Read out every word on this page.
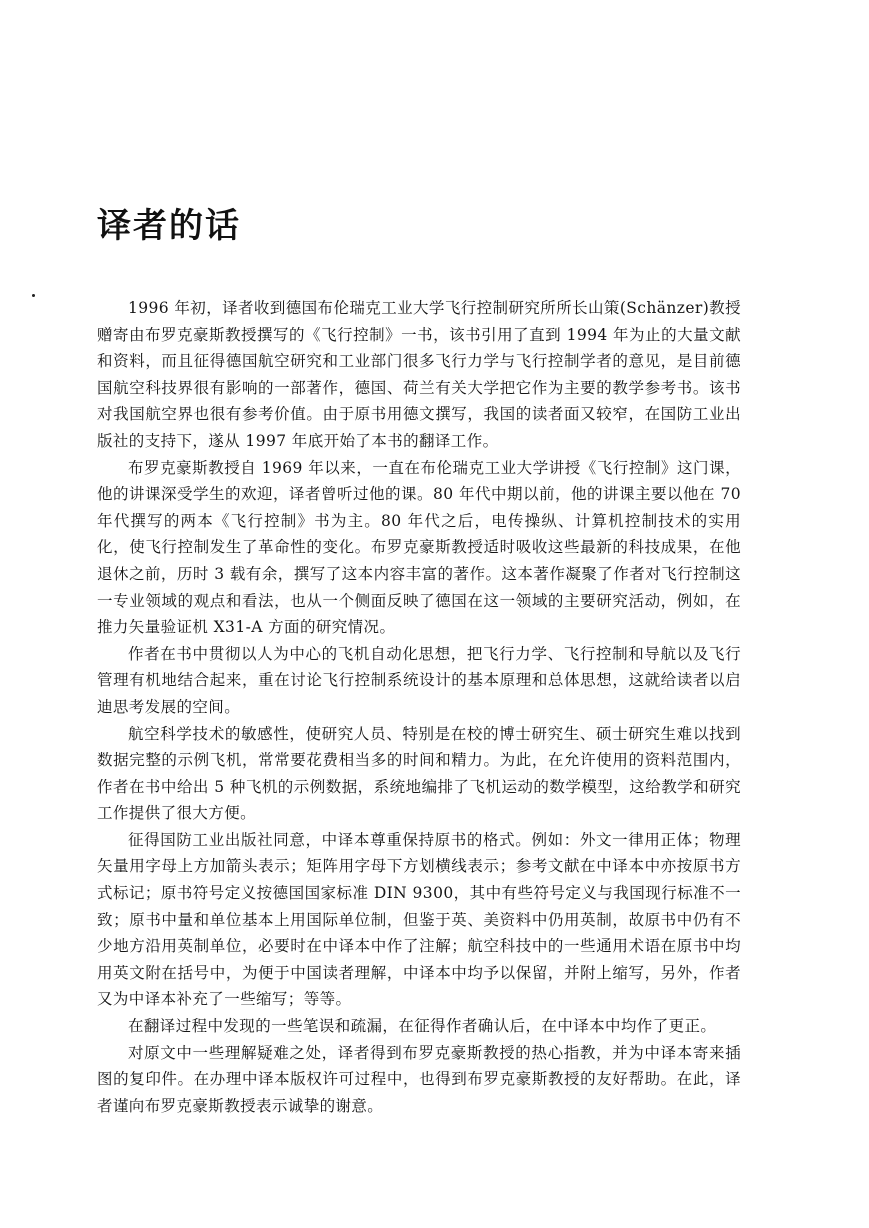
译者的话

1996 年初，译者收到德国布伦瑞克工业大学飞行控制研究所所长山策(Schänzer)教授赠寄由布罗克豪斯教授撰写的《飞行控制》一书，该书引用了直到 1994 年为止的大量文献和资料，而且征得德国航空研究和工业部门很多飞行力学与飞行控制学者的意见，是目前德国航空科技界很有影响的一部著作，德国、荷兰有关大学把它作为主要的教学参考书。该书对我国航空界也很有参考价值。由于原书用德文撰写，我国的读者面又较窄，在国防工业出版社的支持下，遂从 1997 年底开始了本书的翻译工作。

布罗克豪斯教授自 1969 年以来，一直在布伦瑞克工业大学讲授《飞行控制》这门课，他的讲课深受学生的欢迎，译者曾听过他的课。80 年代中期以前，他的讲课主要以他在 70 年代撰写的两本《飞行控制》书为主。80 年代之后，电传操纵、计算机控制技术的实用化，使飞行控制发生了革命性的变化。布罗克豪斯教授适时吸收这些最新的科技成果，在他退休之前，历时 3 载有余，撰写了这本内容丰富的著作。这本著作凝聚了作者对飞行控制这一专业领域的观点和看法，也从一个侧面反映了德国在这一领域的主要研究活动，例如，在推力矢量验证机 X31-A 方面的研究情况。

作者在书中贯彻以人为中心的飞机自动化思想，把飞行力学、飞行控制和导航以及飞行管理有机地结合起来，重在讨论飞行控制系统设计的基本原理和总体思想，这就给读者以启迪思考发展的空间。

航空科学技术的敏感性，使研究人员、特别是在校的博士研究生、硕士研究生难以找到数据完整的示例飞机，常常要花费相当多的时间和精力。为此，在允许使用的资料范围内，作者在书中给出 5 种飞机的示例数据，系统地编排了飞机运动的数学模型，这给教学和研究工作提供了很大方便。

征得国防工业出版社同意，中译本尊重保持原书的格式。例如：外文一律用正体；物理矢量用字母上方加箭头表示；矩阵用字母下方划横线表示；参考文献在中译本中亦按原书方式标记；原书符号定义按德国国家标准 DIN 9300，其中有些符号定义与我国现行标准不一致；原书中量和单位基本上用国际单位制，但鉴于英、美资料中仍用英制，故原书中仍有不少地方沿用英制单位，必要时在中译本中作了注解；航空科技中的一些通用术语在原书中均用英文附在括号中，为便于中国读者理解，中译本中均予以保留，并附上缩写，另外，作者又为中译本补充了一些缩写；等等。

在翻译过程中发现的一些笔误和疏漏，在征得作者确认后，在中译本中均作了更正。

对原文中一些理解疑难之处，译者得到布罗克豪斯教授的热心指教，并为中译本寄来插图的复印件。在办理中译本版权许可过程中，也得到布罗克豪斯教授的友好帮助。在此，译者谨向布罗克豪斯教授表示诚挚的谢意。
